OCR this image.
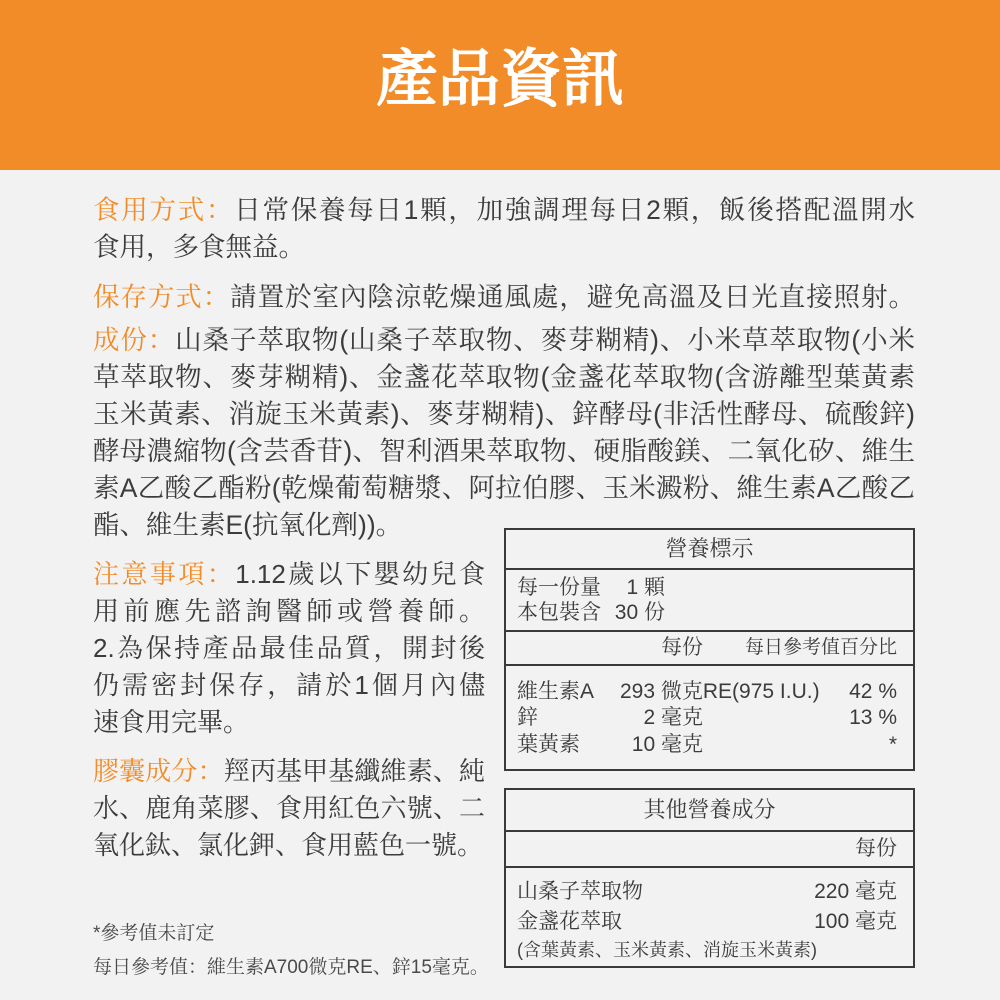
產品資訊
食用方式：日常保養每日1顆，加強調理每日2顆，飯後搭配溫開水
食用，多食無益。
保存方式：請置於室內陰涼乾燥通風處，避免高溫及日光直接照射。
成份：山桑子萃取物(山桑子萃取物、麥芽糊精)、小米草萃取物(小米
草萃取物、麥芽糊精)、金盞花萃取物(金盞花萃取物(含游離型葉黃素
玉米黃素、消旋玉米黃素)、麥芽糊精)、鋅酵母(非活性酵母、硫酸鋅)
酵母濃縮物(含芸香苷)、智利酒果萃取物、硬脂酸鎂、二氧化矽、維生
素A乙酸乙酯粉(乾燥葡萄糖漿、阿拉伯膠、玉米澱粉、維生素A乙酸乙
酯、維生素E(抗氧化劑))。
注意事項：1.12歲以下嬰幼兒食
用前應先諮詢醫師或營養師。
2.為保持產品最佳品質，開封後
仍需密封保存，請於1個月內儘
速食用完畢。
膠囊成分：羥丙基甲基纖維素、純
水、鹿角菜膠、食用紅色六號、二
氧化鈦、氯化鉀、食用藍色一號。
*參考值未訂定
每日參考值：維生素A700微克RE、鋅15毫克。
營養標示
每一份量	1 顆
本包裝含 30 份
每份 每日參考值百分比
維生素A 293 微克RE(975 I.U.) 42 %
鋅	2 毫克	13 %
葉黃素	10 毫克	*
其他營養成分
每份
山桑子萃取物	220 毫克
金盞花萃取	100 毫克
(含葉黃素、玉米黃素、消旋玉米黃素)
